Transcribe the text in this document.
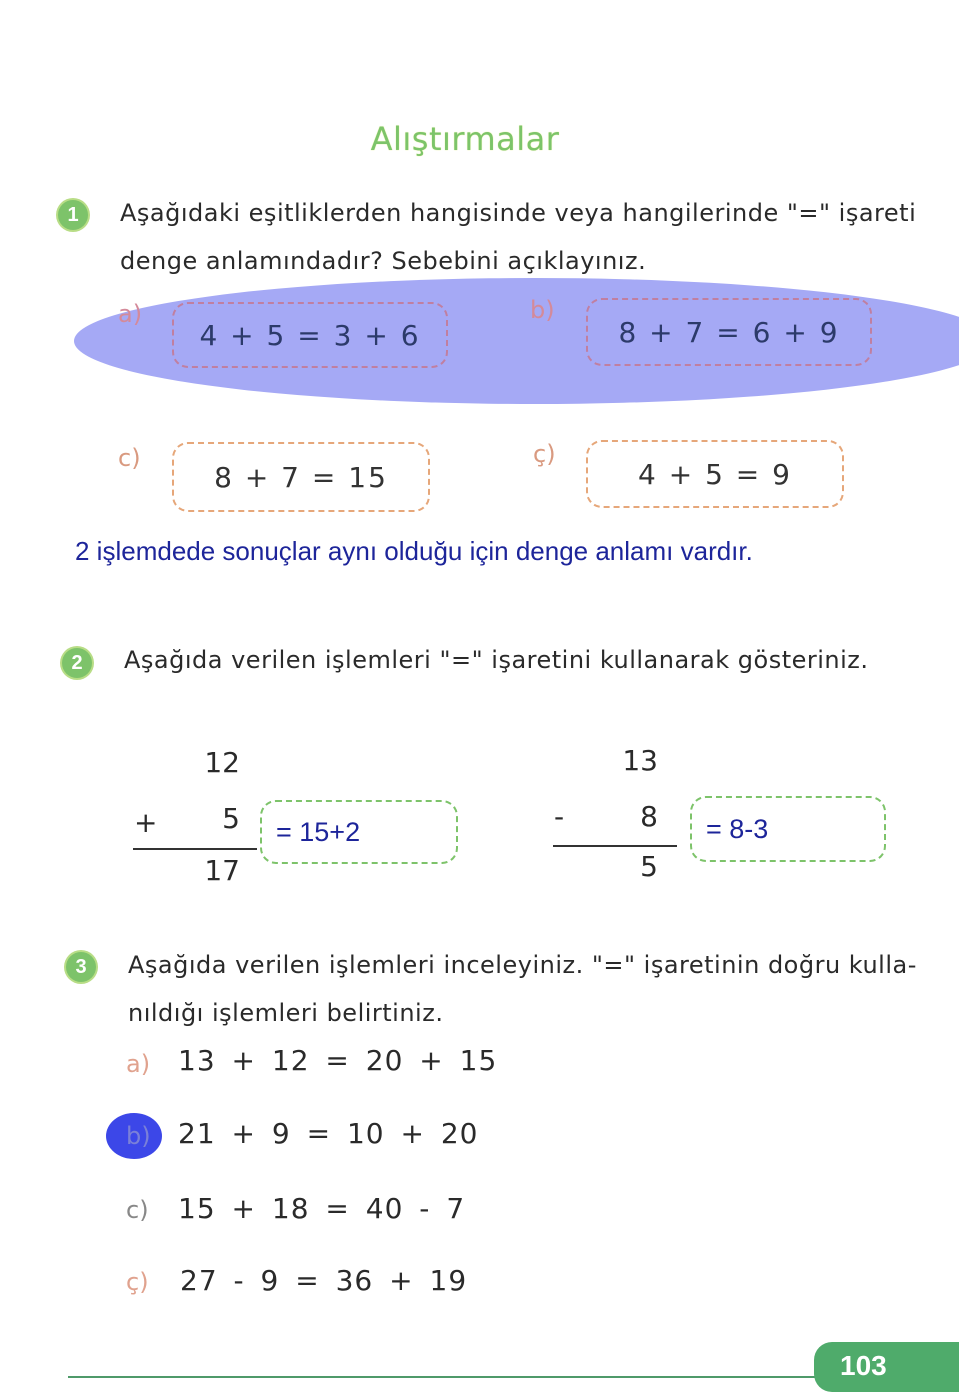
Alıştırmalar
1	Aşağıdaki eşitliklerden hangisinde veya hangilerinde "=" işareti
denge anlamındadır? Sebebini açıklayınız.
a)
4 + 5 = 3 + 6
b)
8 + 7 = 6 + 9
c)
8 + 7 = 15
ç)
4 + 5 = 9
2 işlemdede sonuçlar aynı olduğu için denge anlamı vardır.
2	Aşağıda verilen işlemleri "=" işaretini kullanarak gösteriniz.
12
+	5
17
= 15+2
13
-	8
5
= 8-3
3	Aşağıda verilen işlemleri inceleyiniz. "=" işaretinin doğru kulla-
nıldığı işlemleri belirtiniz.
a) 13 + 12 = 20 + 15
b) 21 + 9 = 10 + 20
c) 15 + 18 = 40 - 7
ç) 27 - 9 = 36 + 19
103
